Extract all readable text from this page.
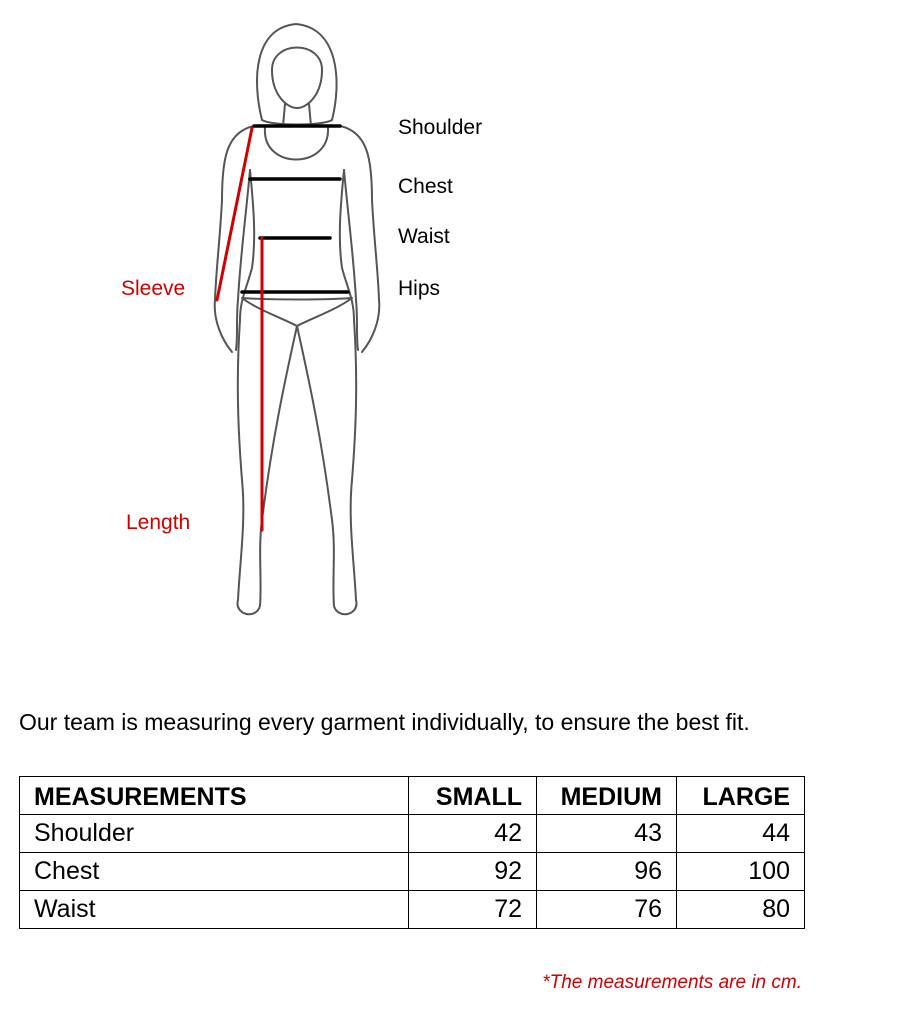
Shoulder
Chest
Waist
Hips
Sleeve
Length
Our team is measuring every garment individually, to ensure the best fit.
MEASUREMENTS	SMALL	MEDIUM	LARGE
Shoulder	42	43	44
Chest	92	96	100
Waist	72	76	80
*The measurements are in cm.
